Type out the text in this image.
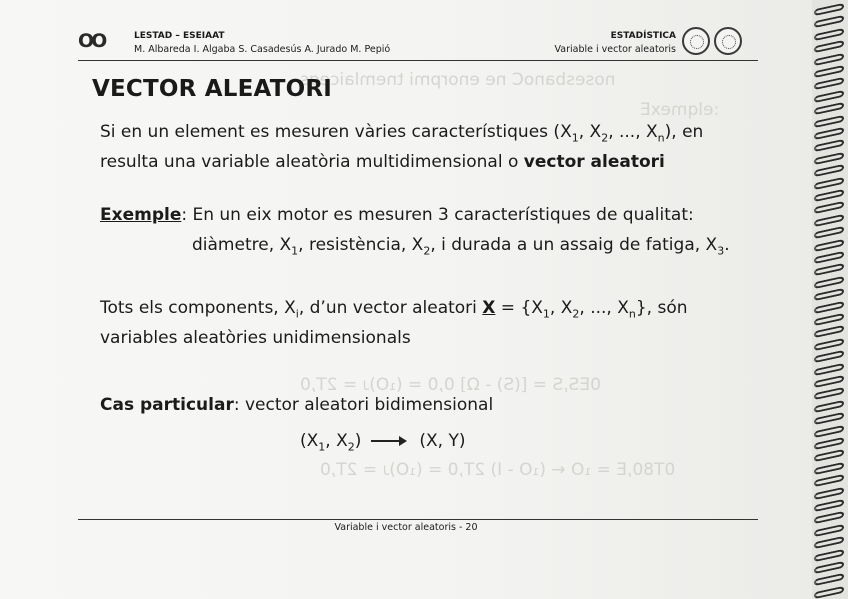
nosesbanoC ne enorpmi tnemlaiceqs
:elqmexE
0ES,S = [(S) - Ω] 0,0 = (₁O)ᴊ = 2T,0
0T80,E = ₁O ← (₁O - I) 2T,0 = (₁O)ᴊ = 2T,0
OO	LESTAD – ESEIAAT
M. Albareda I. Algaba S. Casadesús A. Jurado M. Pepió
ESTADÍSTICA
Variable i vector aleatoris
VECTOR ALEATORI
Si en un element es mesuren vàries característiques ($X_1$, $X_2$, ..., $X_n$), en
resulta una variable aleatòria multidimensional o vector aleatori
Exemple: En un eix motor es mesuren 3 característiques de qualitat:
diàmetre, $X_1$, resistència, $X_2$, i durada a un assaig de fatiga, $X_3$.
Tots els components, $X_i$, d’un vector aleatori $X = \{X_1$, $X_2$, ..., $X_n$}, són
variables aleatòries unidimensionals
Cas particular: vector aleatori bidimensional
($X_1$, $X_2$)	(X, Y)
Variable i vector aleatoris - 20
